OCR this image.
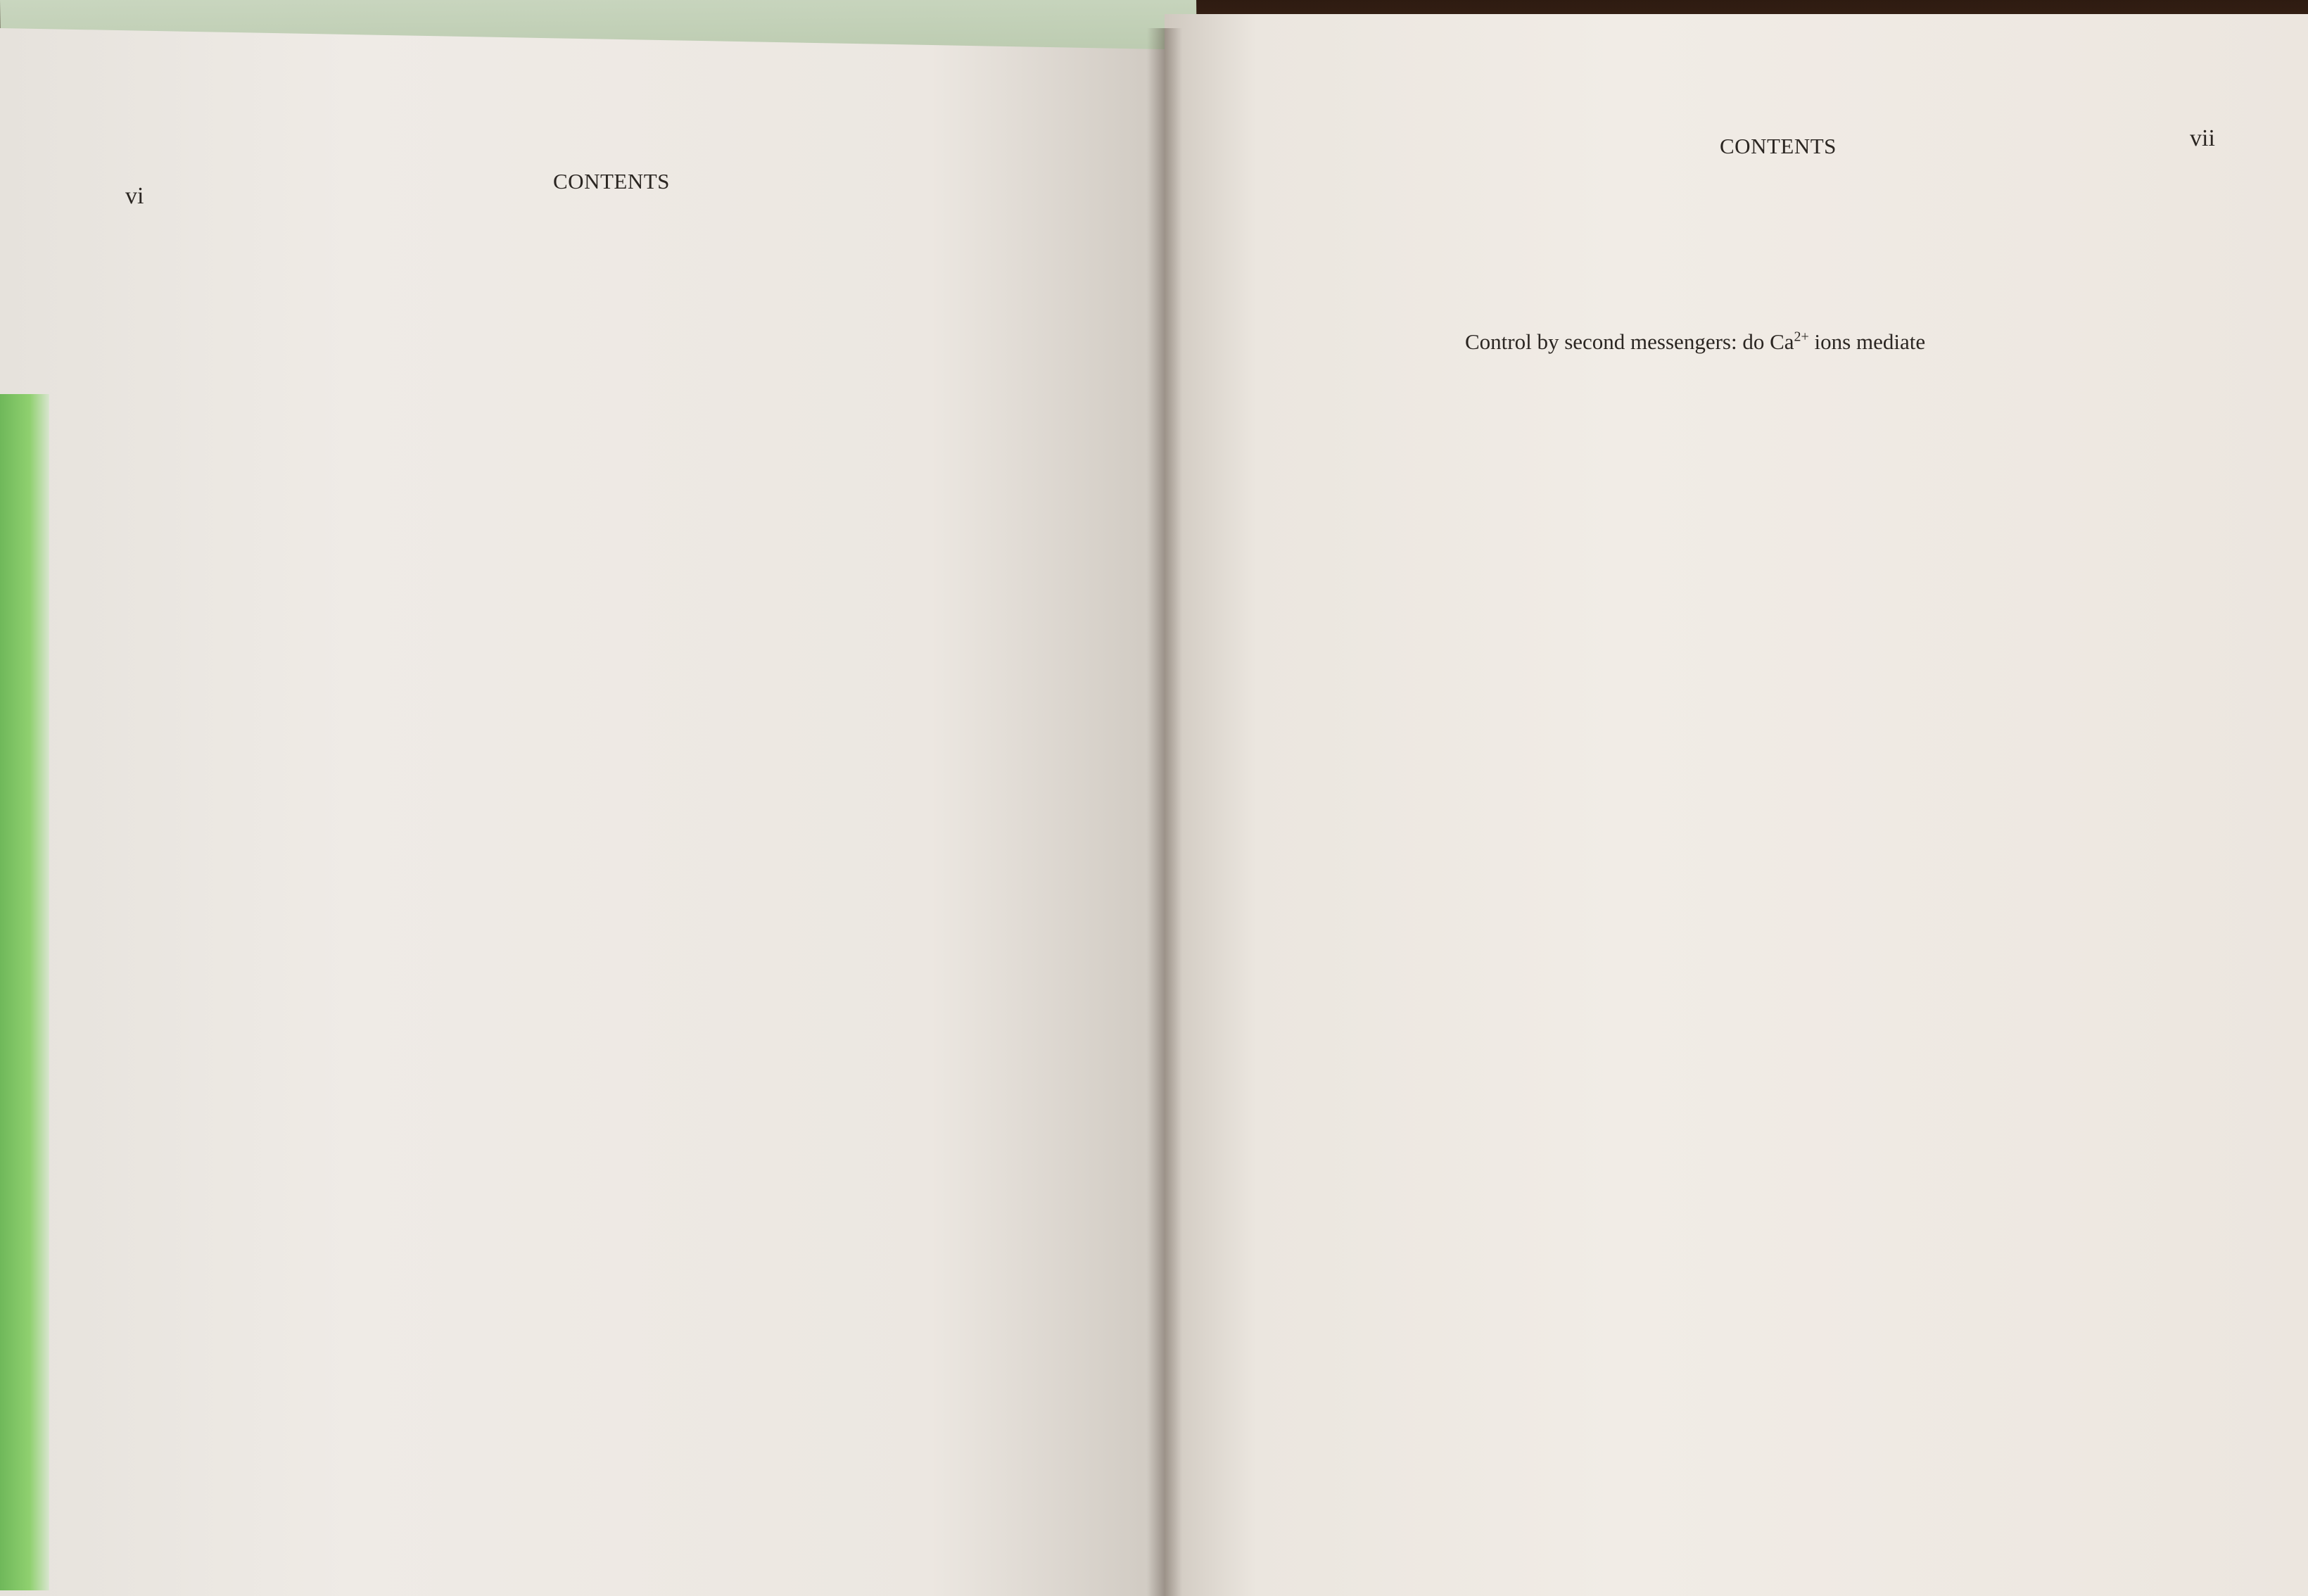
vi
CONTENTS
vii
CONTENTS
Control by second messengers: do $Ca^{2+}$ ions mediate
